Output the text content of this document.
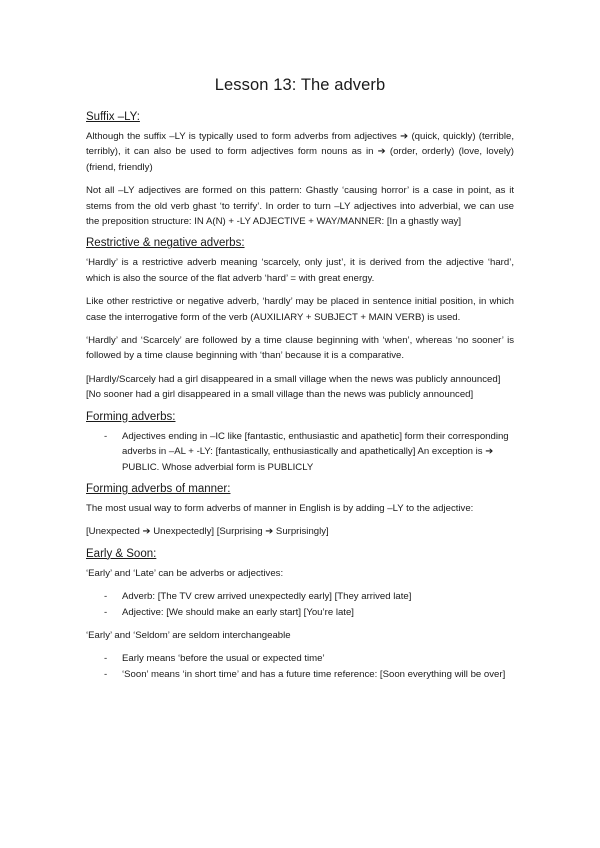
Lesson 13: The adverb
Suffix –LY:

Although the suffix –LY is typically used to form adverbs from adjectives ➔ (quick, quickly) (terrible, terribly), it can also be used to form adjectives form nouns as in ➔ (order, orderly) (love, lovely) (friend, friendly)

Not all –LY adjectives are formed on this pattern: Ghastly ‘causing horror’ is a case in point, as it stems from the old verb ghast ‘to terrify’. In order to turn –LY adjectives into adverbial, we can use the preposition structure: IN A(N) + -LY ADJECTIVE + WAY/MANNER: [In a ghastly way]

Restrictive & negative adverbs:

‘Hardly’ is a restrictive adverb meaning ‘scarcely, only just’, it is derived from the adjective ‘hard’, which is also the source of the flat adverb ‘hard’ = with great energy.

Like other restrictive or negative adverb, ‘hardly’ may be placed in sentence initial position, in which case the interrogative form of the verb (AUXILIARY + SUBJECT + MAIN VERB) is used.

‘Hardly’ and ‘Scarcely’ are followed by a time clause beginning with ‘when’, whereas ‘no sooner’ is followed by a time clause beginning with ‘than’ because it is a comparative.

[Hardly/Scarcely had a girl disappeared in a small village when the news was publicly announced] [No sooner had a girl disappeared in a small village than the news was publicly announced]

Forming adverbs:
- Adjectives ending in –IC like [fantastic, enthusiastic and apathetic] form their corresponding adverbs in –AL + -LY: [fantastically, enthusiastically and apathetically] An exception is ➔ PUBLIC. Whose adverbial form is PUBLICLY
Forming adverbs of manner:

The most usual way to form adverbs of manner in English is by adding –LY to the adjective:

[Unexpected ➔ Unexpectedly] [Surprising ➔ Surprisingly]

Early & Soon:

‘Early’ and ‘Late’ can be adverbs or adjectives:

- Adverb: [The TV crew arrived unexpectedly early] [They arrived late]
- Adjective: [We should make an early start] [You’re late]

‘Early’ and ‘Seldom’ are seldom interchangeable

- Early means ‘before the usual or expected time’
- ‘Soon’ means ‘in short time’ and has a future time reference: [Soon everything will be over]
